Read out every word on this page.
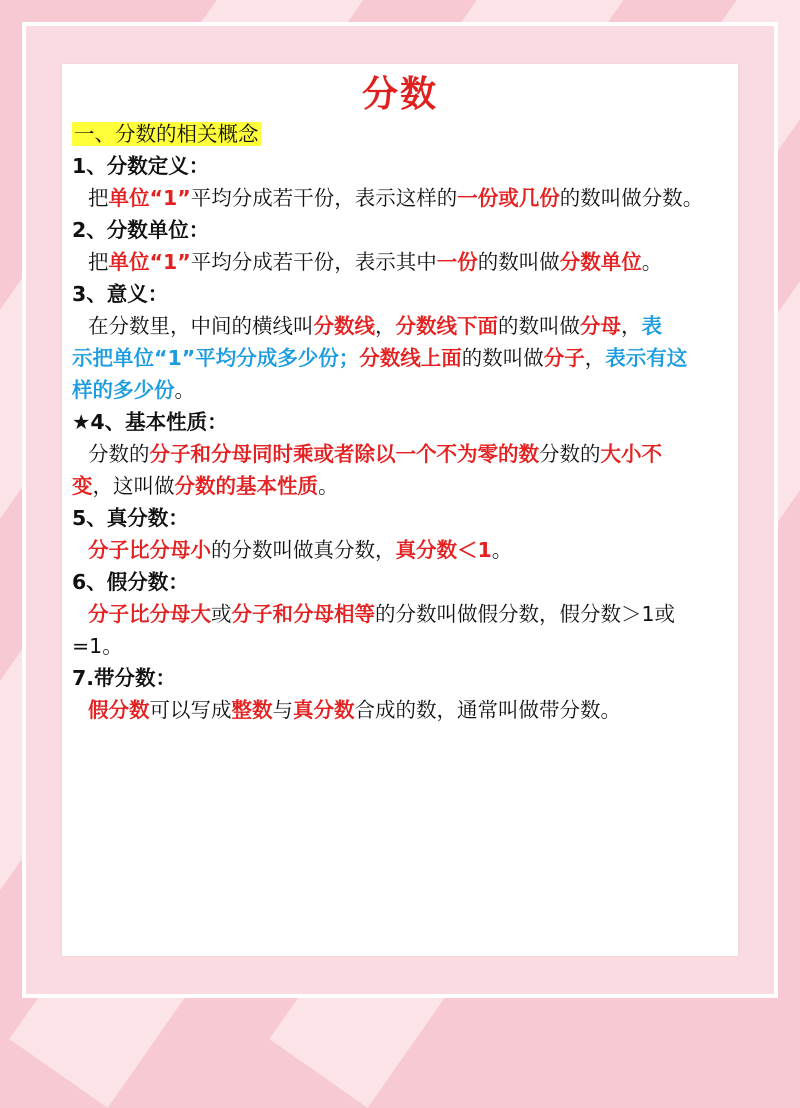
分数
一、分数的相关概念
1、分数定义：
把单位“1”平均分成若干份，表示这样的一份或几份的数叫做分数。
2、分数单位：
把单位“1”平均分成若干份，表示其中一份的数叫做分数单位。
3、意义：
在分数里，中间的横线叫分数线，分数线下面的数叫做分母，表
示把单位“1”平均分成多少份；分数线上面的数叫做分子，表示有这
样的多少份。
★4、基本性质：
分数的分子和分母同时乘或者除以一个不为零的数分数的大小不
变，这叫做分数的基本性质。
5、真分数：
分子比分母小的分数叫做真分数，真分数＜1。
6、假分数：
分子比分母大或分子和分母相等的分数叫做假分数，假分数＞1或
=1。
7.带分数：
假分数可以写成整数与真分数合成的数，通常叫做带分数。
